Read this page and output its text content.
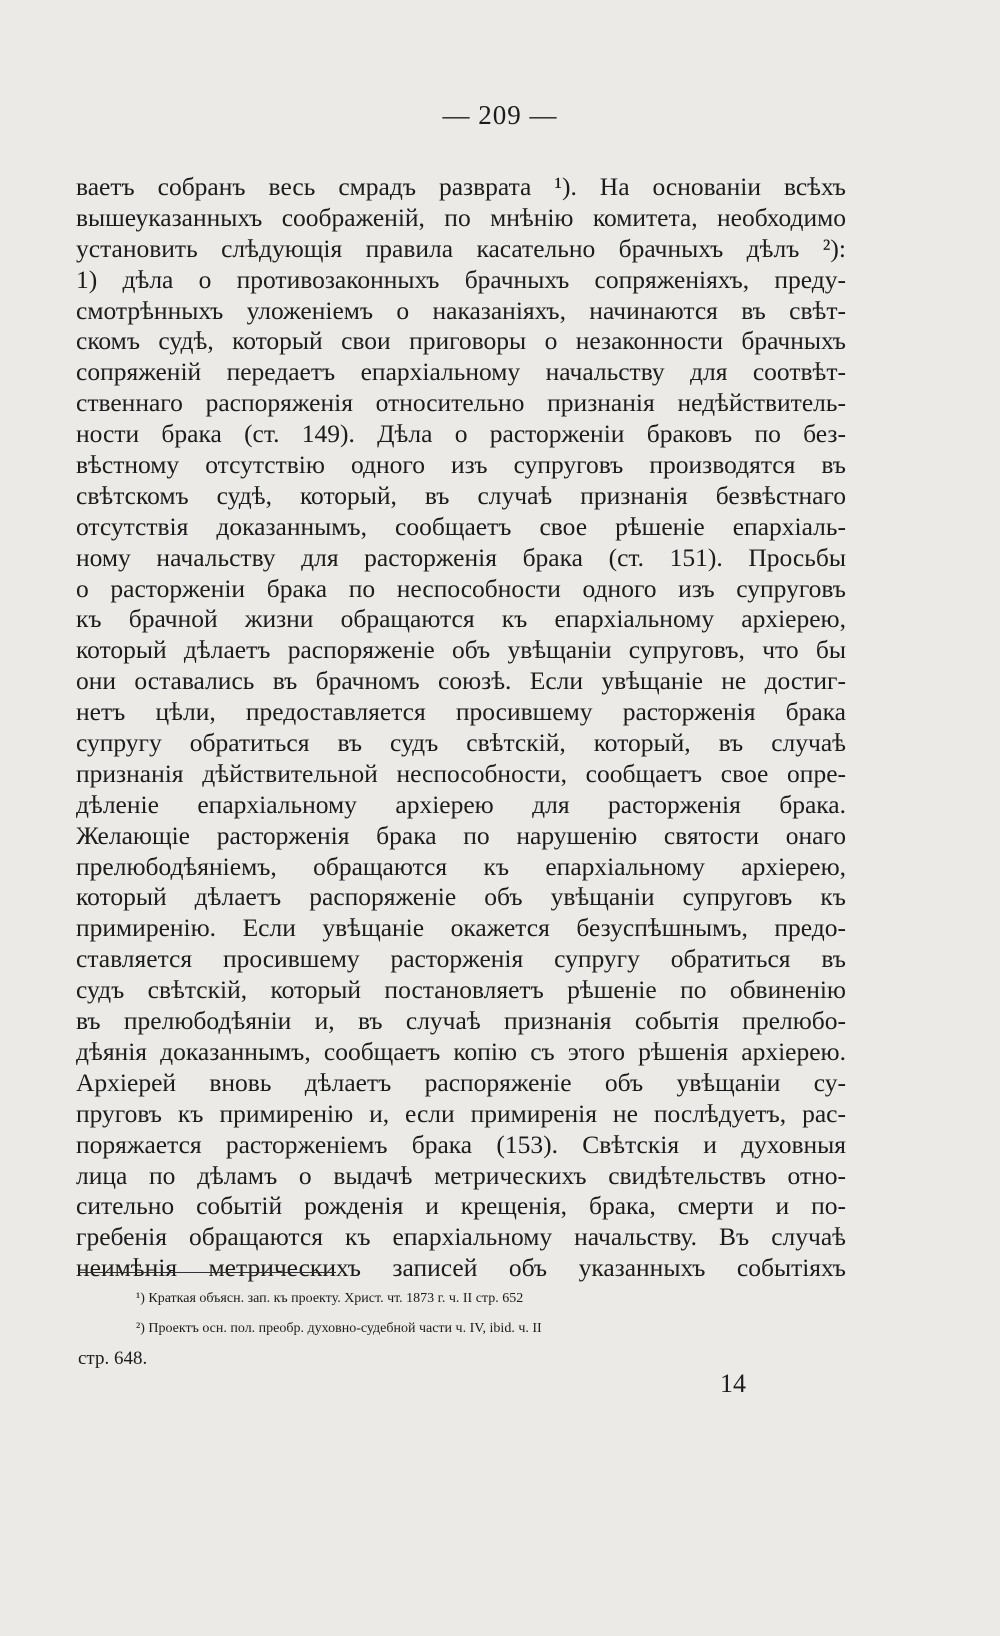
— 209 —
ваетъ собранъ весь смрадъ разврата ¹). На основаніи всѣхъ
вышеуказанныхъ соображеній, по мнѣнію комитета, необходимо
установить слѣдующія правила касательно брачныхъ дѣлъ ²):
1) дѣла о противозаконныхъ брачныхъ сопряженіяхъ, преду-
смотрѣнныхъ уложеніемъ о наказаніяхъ, начинаются въ свѣт-
скомъ судѣ, который свои приговоры о незаконности брачныхъ
сопряженій передаетъ епархіальному начальству для соотвѣт-
ственнаго распоряженія относительно признанія недѣйствитель-
ности брака (ст. 149). Дѣла о расторженіи браковъ по без-
вѣстному отсутствію одного изъ супруговъ производятся въ
свѣтскомъ судѣ, который, въ случаѣ признанія безвѣстнаго
отсутствія доказаннымъ, сообщаетъ свое рѣшеніе епархіаль-
ному начальству для расторженія брака (ст. 151). Просьбы
о расторженіи брака по неспособности одного изъ супруговъ
къ брачной жизни обращаются къ епархіальному архіерею,
который дѣлаетъ распоряженіе объ увѣщаніи супруговъ, что бы
они оставались въ брачномъ союзѣ. Если увѣщаніе не достиг-
нетъ цѣли, предоставляется просившему расторженія брака
супругу обратиться въ судъ свѣтскій, который, въ случаѣ
признанія дѣйствительной неспособности, сообщаетъ свое опре-
дѣленіе епархіальному архіерею для расторженія брака.
Желающіе расторженія брака по нарушенію святости онаго
прелюбодѣяніемъ, обращаются къ епархіальному архіерею,
который дѣлаетъ распоряженіе объ увѣщаніи супруговъ къ
примиренію. Если увѣщаніе окажется безуспѣшнымъ, предо-
ставляется просившему расторженія супругу обратиться въ
судъ свѣтскій, который постановляетъ рѣшеніе по обвиненію
въ прелюбодѣяніи и, въ случаѣ признанія событія прелюбо-
дѣянія доказаннымъ, сообщаетъ копію съ этого рѣшенія архіерею.
Архіерей вновь дѣлаетъ распоряженіе объ увѣщаніи су-
пруговъ къ примиренію и, если примиренія не послѣдуетъ, рас-
поряжается расторженіемъ брака (153). Свѣтскія и духовныя
лица по дѣламъ о выдачѣ метрическихъ свидѣтельствъ отно-
сительно событій рожденія и крещенія, брака, смерти и по-
гребенія обращаются къ епархіальному начальству. Въ случаѣ
неимѣнія метрическихъ записей объ указанныхъ событіяхъ
¹) Краткая объясн. зап. къ проекту. Христ. чт. 1873 г. ч. II стр. 652
²) Проектъ осн. пол. преобр. духовно-судебной части ч. IV, ibid. ч. II
стр. 648.
14
